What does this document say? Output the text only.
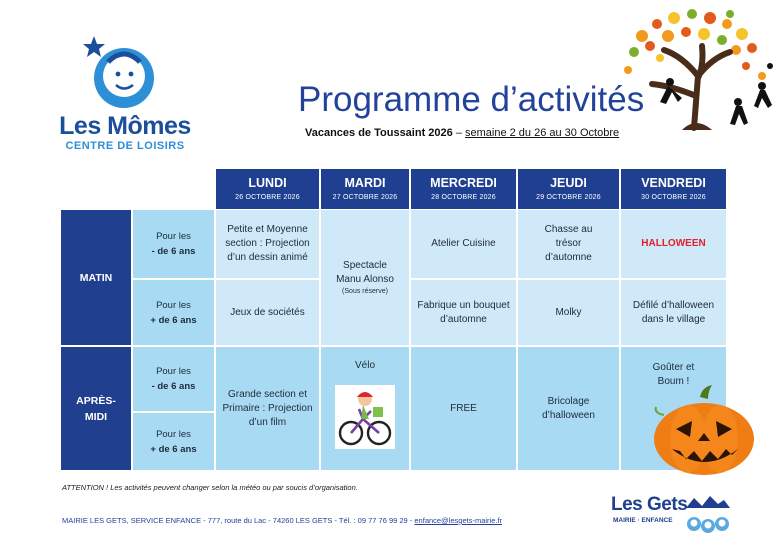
Les Mômes
CENTRE DE LOISIRS
Programme d’activités
Vacances de Toussaint 2026 – semaine 2 du 26 au 30 Octobre
LUNDI
26 OCTOBRE 2026
MARDI
27 OCTOBRE 2026
MERCREDI
28 OCTOBRE 2026
JEUDI
29 OCTOBRE 2026
VENDREDI
30 OCTOBRE 2026
MATIN
APRÈS-
MIDI
Pour les
- de 6 ans
Pour les
+ de 6 ans
Pour les
- de 6 ans
Pour les
+ de 6 ans
Petite et Moyenne section : Projection d’un dessin animé
Jeux de sociétés
Spectacle Manu Alonso
(Sous réserve)
Atelier Cuisine
Fabrique un bouquet d’automne
Chasse au trésor d’automne
Molky
HALLOWEEN
Défilé d’halloween dans le village
Grande section et Primaire : Projection d’un film
Vélo
FREE
Bricolage d’halloween
Goûter et Boum !
ATTENTION ! Les activités peuvent changer selon la météo ou par soucis d’organisation.
MAIRIE LES GETS, SERVICE ENFANCE - 777, route du Lac - 74260 LES GETS - Tél. : 09 77 76 99 29 - enfance@lesgets-mairie.fr
Les Gets
MAIRIE · ENFANCE
